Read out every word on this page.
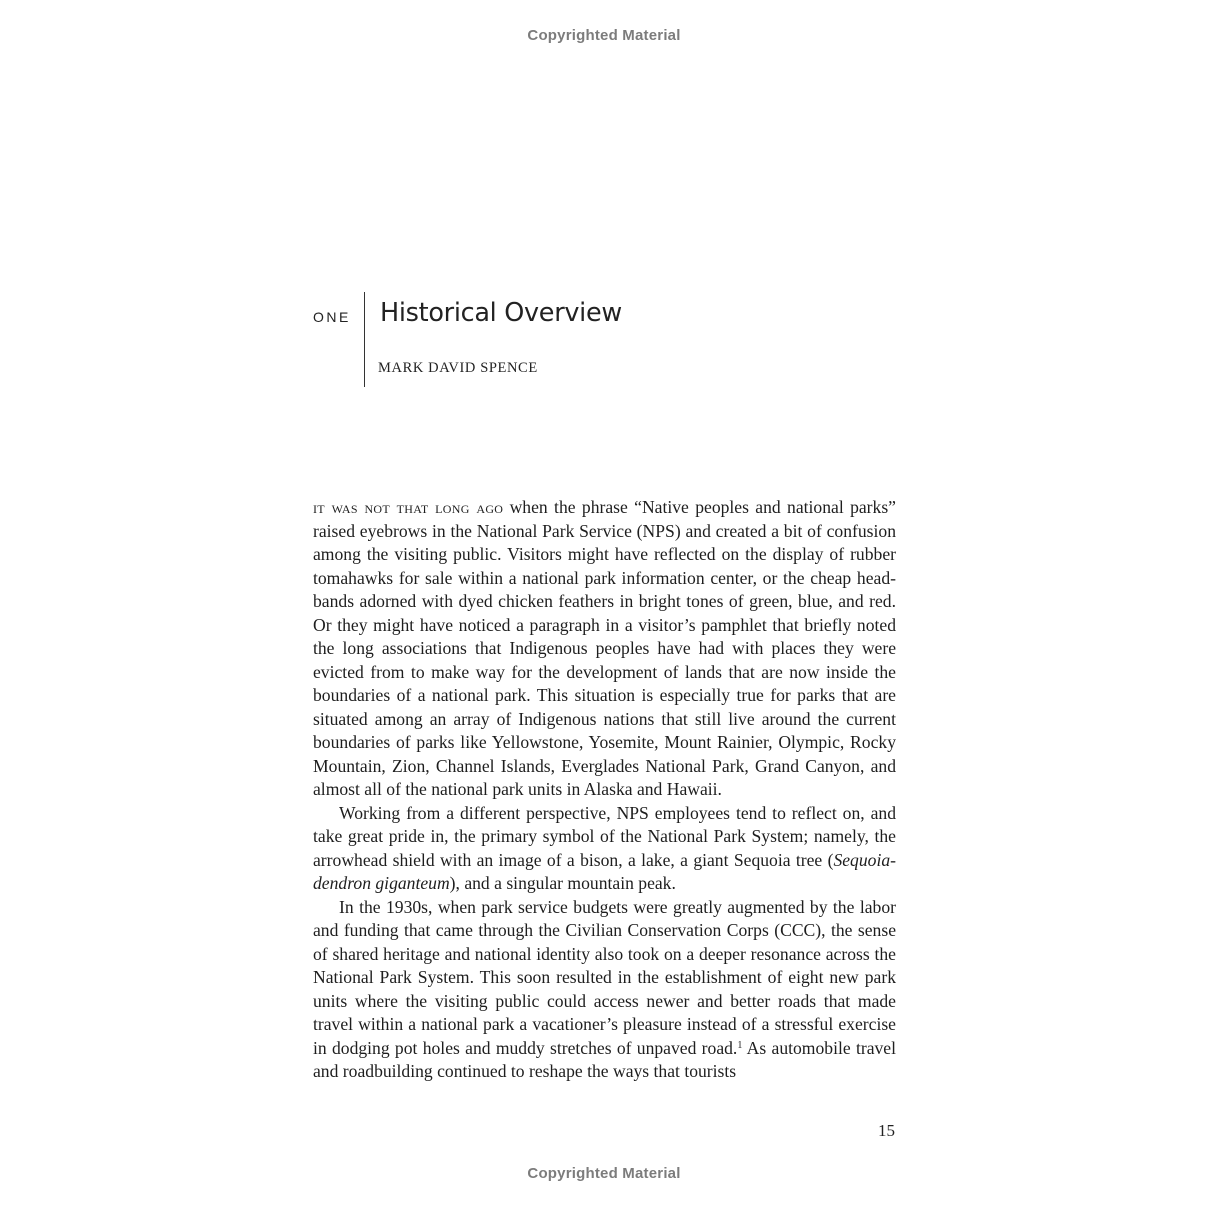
Copyrighted Material
ONE Historical Overview
MARK DAVID SPENCE

it was not that long ago when the phrase “Native peoples and national parks” raised eyebrows in the National Park Service (NPS) and created a bit of confusion among the visiting public. Visitors might have reflected on the display of rubber tomahawks for sale within a national park information center, or the cheap headbands adorned with dyed chicken feathers in bright tones of green, blue, and red. Or they might have noticed a paragraph in a visitor’s pamphlet that briefly noted the long associations that Indigenous peoples have had with places they were evicted from to make way for the development of lands that are now inside the boundaries of a national park. This situation is especially true for parks that are situated among an array of Indigenous nations that still live around the current boundaries of parks like Yellowstone, Yosemite, Mount Rainier, Olympic, Rocky Mountain, Zion, Channel Islands, Everglades National Park, Grand Canyon, and almost all of the national park units in Alaska and Hawaii.

Working from a different perspective, NPS employees tend to reflect on, and take great pride in, the primary symbol of the National Park System; namely, the arrowhead shield with an image of a bison, a lake, a giant Sequoia tree (Sequoiadendron giganteum), and a singular mountain peak.

In the 1930s, when park service budgets were greatly augmented by the labor and funding that came through the Civilian Conservation Corps (CCC), the sense of shared heritage and national identity also took on a deeper resonance across the National Park System. This soon resulted in the establishment of eight new park units where the visiting public could access newer and better roads that made travel within a national park a vacationer’s pleasure instead of a stressful exercise in dodging pot holes and muddy stretches of unpaved road.$^1$ As automobile travel and roadbuilding continued to reshape the ways that tourists

15
Copyrighted Material
